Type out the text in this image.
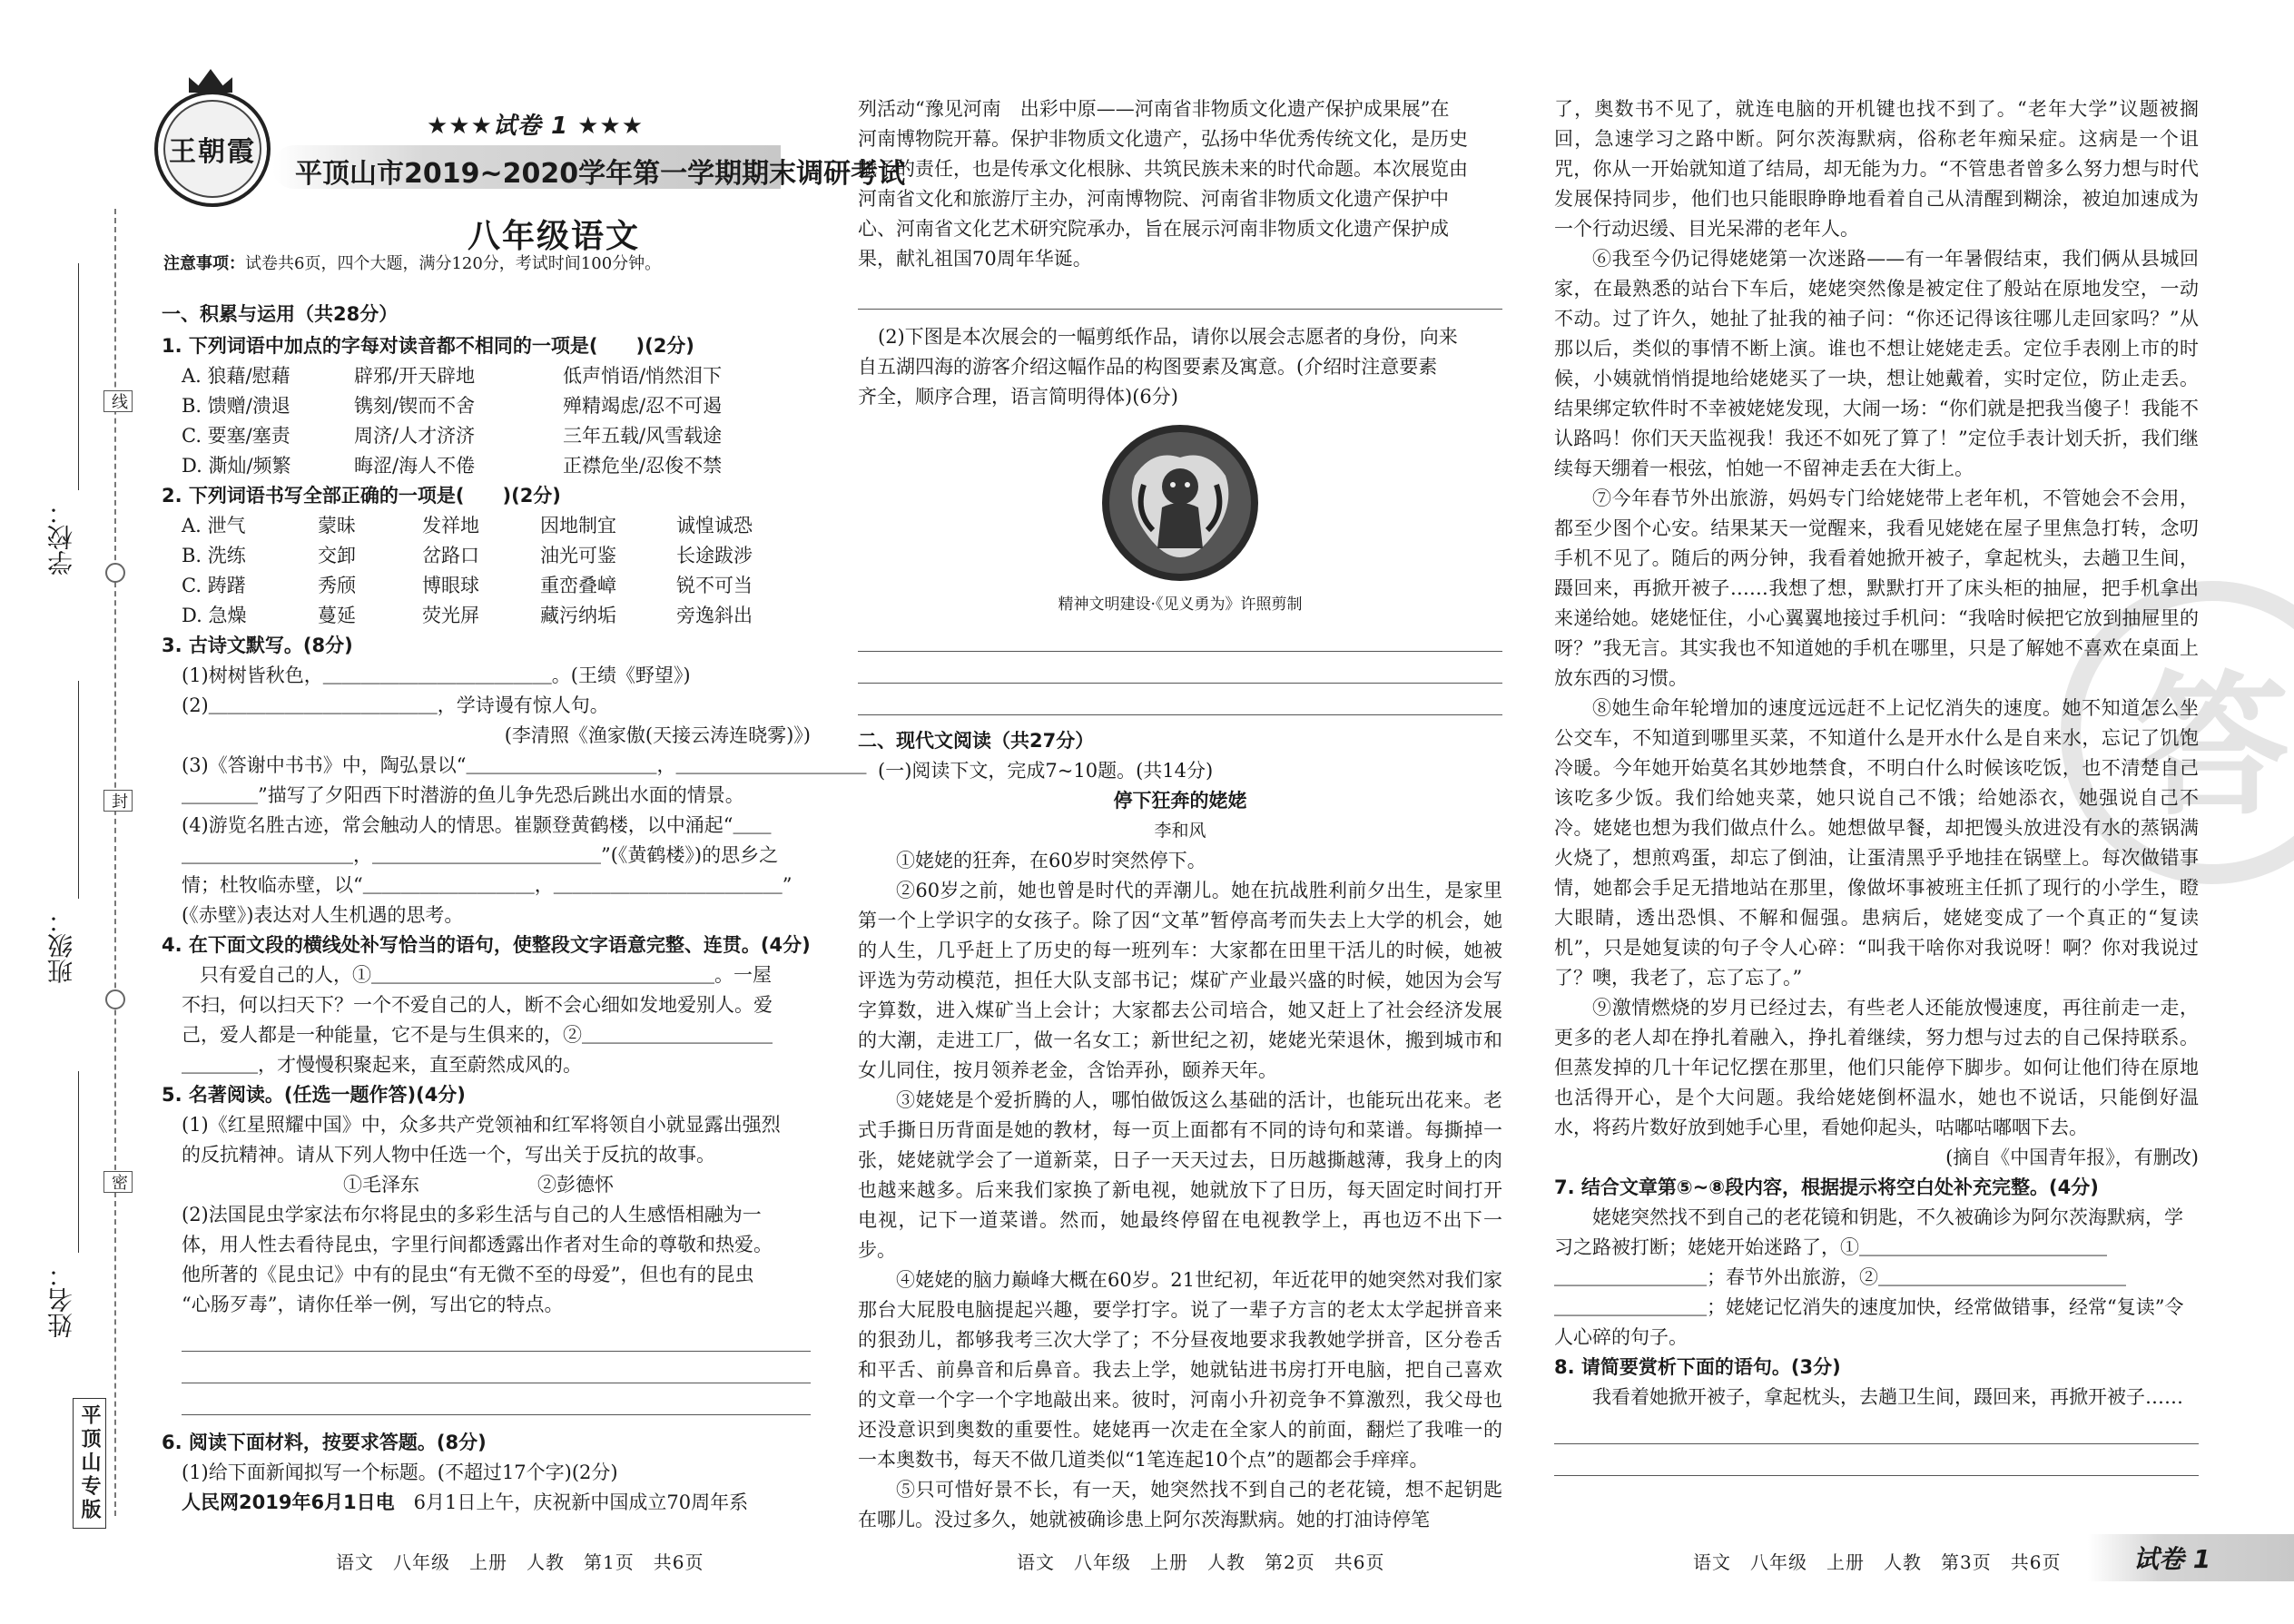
线
封
密
学校：
班级：
姓名：
平顶山专版
王朝霞
★★★试卷 1 ★★★
平顶山市2019~2020学年第一学期期末调研考试
八年级语文
注意事项：试卷共6页，四个大题，满分120分，考试时间100分钟。

一、积累与运用（共28分）

1. 下列词语中加点的字每对读音都不相同的一项是(　　)(2分)

A. 狼藉/慰藉	辟邪/开天辟地	低声悄语/悄然泪下
B. 馈赠/溃退	镌刻/锲而不舍	殚精竭虑/忍不可遏
C. 要塞/塞责	周济/人才济济	三年五载/风雪载途
D. 澌灿/频繁	晦涩/海人不倦	正襟危坐/忍俊不禁

2. 下列词语书写全部正确的一项是(　　)(2分)

A. 泄气	蒙昧	发祥地	因地制宜	诚惶诚恐
B. 洗练	交卸	岔路口	油光可鉴	长途跋涉
C. 踌躇	秀颀	博眼球	重峦叠嶂	锐不可当
D. 急燥	蔓延	荧光屏	藏污纳垢	旁逸斜出

3. 古诗文默写。(8分)

(1)树树皆秋色，＿＿＿＿＿＿＿＿＿＿＿＿。(王绩《野望》)

(2)＿＿＿＿＿＿＿＿＿＿＿＿，学诗谩有惊人句。

(李清照《渔家傲(天接云涛连晓雾)》)

(3)《答谢中书书》中，陶弘景以“＿＿＿＿＿＿＿＿＿＿，＿＿＿＿＿＿＿＿＿＿

＿＿＿＿”描写了夕阳西下时潜游的鱼儿争先恐后跳出水面的情景。

(4)游览名胜古迹，常会触动人的情思。崔颢登黄鹤楼，以中涌起“＿＿

＿＿＿＿＿＿＿＿＿，＿＿＿＿＿＿＿＿＿＿＿＿”(《黄鹤楼》)的思乡之

情；杜牧临赤壁，以“＿＿＿＿＿＿＿＿＿，＿＿＿＿＿＿＿＿＿＿＿＿”

(《赤壁》)表达对人生机遇的思考。

4. 在下面文段的横线处补写恰当的语句，使整段文字语意完整、连贯。(4分)

只有爱自己的人，①＿＿＿＿＿＿＿＿＿＿＿＿＿＿＿＿＿＿。一屋

不扫，何以扫天下？一个不爱自己的人，断不会心细如发地爱别人。爱

己，爱人都是一种能量，它不是与生俱来的，②＿＿＿＿＿＿＿＿＿＿

＿＿＿＿，才慢慢积聚起来，直至蔚然成风的。

5. 名著阅读。(任选一题作答)(4分)

(1)《红星照耀中国》中，众多共产党领袖和红军将领自小就显露出强烈

的反抗精神。请从下列人物中任选一个，写出关于反抗的故事。

①毛泽东	②彭德怀

(2)法国昆虫学家法布尔将昆虫的多彩生活与自己的人生感悟相融为一

体，用人性去看待昆虫，字里行间都透露出作者对生命的尊敬和热爱。

他所著的《昆虫记》中有的昆虫“有无微不至的母爱”，但也有的昆虫

“心肠歹毒”，请你任举一例，写出它的特点。

6. 阅读下面材料，按要求答题。(8分)

(1)给下面新闻拟写一个标题。(不超过17个字)(2分)

人民网2019年6月1日电　6月1日上午，庆祝新中国成立70周年系

语文　八年级　上册　人教　第1页　共6页

列活动“豫见河南　出彩中原——河南省非物质文化遗产保护成果展”在

河南博物院开幕。保护非物质文化遗产，弘扬中华优秀传统文化，是历史

赋予的责任，也是传承文化根脉、共筑民族未来的时代命题。本次展览由

河南省文化和旅游厅主办，河南博物院、河南省非物质文化遗产保护中

心、河南省文化艺术研究院承办，旨在展示河南非物质文化遗产保护成

果，献礼祖国70周年华诞。

(2)下图是本次展会的一幅剪纸作品，请你以展会志愿者的身份，向来

自五湖四海的游客介绍这幅作品的构图要素及寓意。(介绍时注意要素

齐全，顺序合理，语言简明得体)(6分)

精神文明建设·《见义勇为》许照剪制

二、现代文阅读（共27分）

(一)阅读下文，完成7~10题。(共14分)

停下狂奔的姥姥

李和风

①姥姥的狂奔，在60岁时突然停下。

②60岁之前，她也曾是时代的弄潮儿。她在抗战胜利前夕出生，是家里第一个上学识字的女孩子。除了因“文革”暂停高考而失去上大学的机会，她的人生，几乎赶上了历史的每一班列车：大家都在田里干活儿的时候，她被评选为劳动模范，担任大队支部书记；煤矿产业最兴盛的时候，她因为会写字算数，进入煤矿当上会计；大家都去公司培合，她又赶上了社会经济发展的大潮，走进工厂，做一名女工；新世纪之初，姥姥光荣退休，搬到城市和女儿同住，按月领养老金，含饴弄孙，颐养天年。

③姥姥是个爱折腾的人，哪怕做饭这么基础的活计，也能玩出花来。老式手撕日历背面是她的教材，每一页上面都有不同的诗句和菜谱。每撕掉一张，姥姥就学会了一道新菜，日子一天天过去，日历越撕越薄，我身上的肉也越来越多。后来我们家换了新电视，她就放下了日历，每天固定时间打开电视，记下一道菜谱。然而，她最终停留在电视教学上，再也迈不出下一步。

④姥姥的脑力巅峰大概在60岁。21世纪初，年近花甲的她突然对我们家那台大屁股电脑提起兴趣，要学打字。说了一辈子方言的老太太学起拼音来的狠劲儿，都够我考三次大学了；不分昼夜地要求我教她学拼音，区分卷舌和平舌、前鼻音和后鼻音。我去上学，她就钻进书房打开电脑，把自己喜欢的文章一个字一个字地敲出来。彼时，河南小升初竞争不算激烈，我父母也还没意识到奥数的重要性。姥姥再一次走在全家人的前面，翻烂了我唯一的一本奥数书，每天不做几道类似“1笔连起10个点”的题都会手痒痒。

⑤只可惜好景不长，有一天，她突然找不到自己的老花镜，想不起钥匙在哪儿。没过多久，她就被确诊患上阿尔茨海默病。她的打油诗停笔

语文　八年级　上册　人教　第2页　共6页
答

了，奥数书不见了，就连电脑的开机键也找不到了。“老年大学”议题被搁回，急速学习之路中断。阿尔茨海默病，俗称老年痴呆症。这病是一个诅咒，你从一开始就知道了结局，却无能为力。“不管患者曾多么努力想与时代发展保持同步，他们也只能眼睁睁地看着自己从清醒到糊涂，被迫加速成为一个行动迟缓、目光呆滞的老年人。

⑥我至今仍记得姥姥第一次迷路——有一年暑假结束，我们俩从县城回家，在最熟悉的站台下车后，姥姥突然像是被定住了般站在原地发空，一动不动。过了许久，她扯了扯我的袖子问：“你还记得该往哪儿走回家吗？”从那以后，类似的事情不断上演。谁也不想让姥姥走丢。定位手表刚上市的时候，小姨就悄悄提地给姥姥买了一块，想让她戴着，实时定位，防止走丢。结果绑定软件时不幸被姥姥发现，大闹一场：“你们就是把我当傻子！我能不认路吗！你们天天监视我！我还不如死了算了！”定位手表计划夭折，我们继续每天绷着一根弦，怕她一不留神走丢在大街上。

⑦今年春节外出旅游，妈妈专门给姥姥带上老年机，不管她会不会用，都至少图个心安。结果某天一觉醒来，我看见姥姥在屋子里焦急打转，念叨手机不见了。随后的两分钟，我看着她掀开被子，拿起枕头，去趟卫生间，蹑回来，再掀开被子……我想了想，默默打开了床头柜的抽屉，把手机拿出来递给她。姥姥怔住，小心翼翼地接过手机问：“我啥时候把它放到抽屉里的呀？”我无言。其实我也不知道她的手机在哪里，只是了解她不喜欢在桌面上放东西的习惯。

⑧她生命年轮增加的速度远远赶不上记忆消失的速度。她不知道怎么坐公交车，不知道到哪里买菜，不知道什么是开水什么是自来水，忘记了饥饱冷暖。今年她开始莫名其妙地禁食，不明白什么时候该吃饭，也不清楚自己该吃多少饭。我们给她夹菜，她只说自己不饿；给她添衣，她强说自己不冷。姥姥也想为我们做点什么。她想做早餐，却把馒头放进没有水的蒸锅满火烧了，想煎鸡蛋，却忘了倒油，让蛋清黑乎乎地挂在锅壁上。每次做错事情，她都会手足无措地站在那里，像做坏事被班主任抓了现行的小学生，瞪大眼睛，透出恐惧、不解和倔强。患病后，姥姥变成了一个真正的“复读机”，只是她复读的句子令人心碎：“叫我干啥你对我说呀！啊？你对我说过了？噢，我老了，忘了忘了。”

⑨激情燃烧的岁月已经过去，有些老人还能放慢速度，再往前走一走，更多的老人却在挣扎着融入，挣扎着继续，努力想与过去的自己保持联系。但蒸发掉的几十年记忆摆在那里，他们只能停下脚步。如何让他们待在原地也活得开心，是个大问题。我给姥姥倒杯温水，她也不说话，只能倒好温水，将药片数好放到她手心里，看她仰起头，咕嘟咕嘟咽下去。

(摘自《中国青年报》，有删改)

7. 结合文章第⑤~⑧段内容，根据提示将空白处补充完整。(4分)

姥姥突然找不到自己的老花镜和钥匙，不久被确诊为阿尔茨海默病，学习之路被打断；姥姥开始迷路了，①＿＿＿＿＿＿＿＿＿＿＿＿＿

＿＿＿＿＿＿＿＿；春节外出旅游，②＿＿＿＿＿＿＿＿＿＿＿＿＿

＿＿＿＿＿＿＿＿；姥姥记忆消失的速度加快，经常做错事，经常“复读”令人心碎的句子。

8. 请简要赏析下面的语句。(3分)

我看着她掀开被子，拿起枕头，去趟卫生间，蹑回来，再掀开被子……

语文　八年级　上册　人教　第3页　共6页	试卷 1
